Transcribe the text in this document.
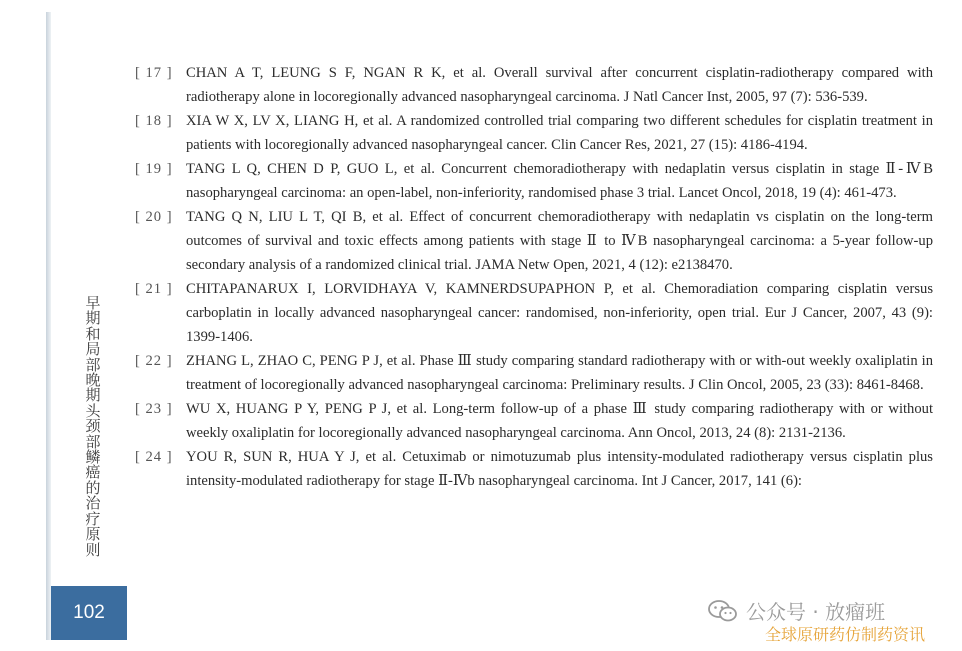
早期和局部晚期头颈部鳞癌的治疗原则
102
[ 17 ] CHAN A T, LEUNG S F, NGAN R K, et al. Overall survival after concurrent cisplatin-radiotherapy compared with radiotherapy alone in locoregionally advanced nasopharyngeal carcinoma. J Natl Cancer Inst, 2005, 97 (7): 536-539.
[ 18 ] XIA W X, LV X, LIANG H, et al. A randomized controlled trial comparing two different schedules for cisplatin treatment in patients with locoregionally advanced nasopharyngeal cancer. Clin Cancer Res, 2021, 27 (15): 4186-4194.
[ 19 ] TANG L Q, CHEN D P, GUO L, et al. Concurrent chemoradiotherapy with nedaplatin versus cisplatin in stage Ⅱ-ⅣB nasopharyngeal carcinoma: an open-label, non-inferiority, randomised phase 3 trial. Lancet Oncol, 2018, 19 (4): 461-473.
[ 20 ] TANG Q N, LIU L T, QI B, et al. Effect of concurrent chemoradiotherapy with nedaplatin vs cisplatin on the long-term outcomes of survival and toxic effects among patients with stage Ⅱ to ⅣB nasopharyngeal carcinoma: a 5-year follow-up secondary analysis of a randomized clinical trial. JAMA Netw Open, 2021, 4 (12): e2138470.
[ 21 ] CHITAPANARUX I, LORVIDHAYA V, KAMNERDSUPAPHON P, et al. Chemoradiation comparing cisplatin versus carboplatin in locally advanced nasopharyngeal cancer: randomised, non-inferiority, open trial. Eur J Cancer, 2007, 43 (9): 1399-1406.
[ 22 ] ZHANG L, ZHAO C, PENG P J, et al. Phase Ⅲ study comparing standard radiotherapy with or with-out weekly oxaliplatin in treatment of locoregionally advanced nasopharyngeal carcinoma: Preliminary results. J Clin Oncol, 2005, 23 (33): 8461-8468.
[ 23 ] WU X, HUANG P Y, PENG P J, et al. Long-term follow-up of a phase Ⅲ study comparing radiotherapy with or without weekly oxaliplatin for locoregionally advanced nasopharyngeal carcinoma. Ann Oncol, 2013, 24 (8): 2131-2136.
[ 24 ] YOU R, SUN R, HUA Y J, et al. Cetuximab or nimotuzumab plus intensity-modulated radiotherapy versus cisplatin plus intensity-modulated radiotherapy for stage Ⅱ-Ⅳb nasopharyngeal carcinoma. Int J Cancer, 2017, 141 (6):
公众号 · 放瘤班
全球原研药仿制药资讯
